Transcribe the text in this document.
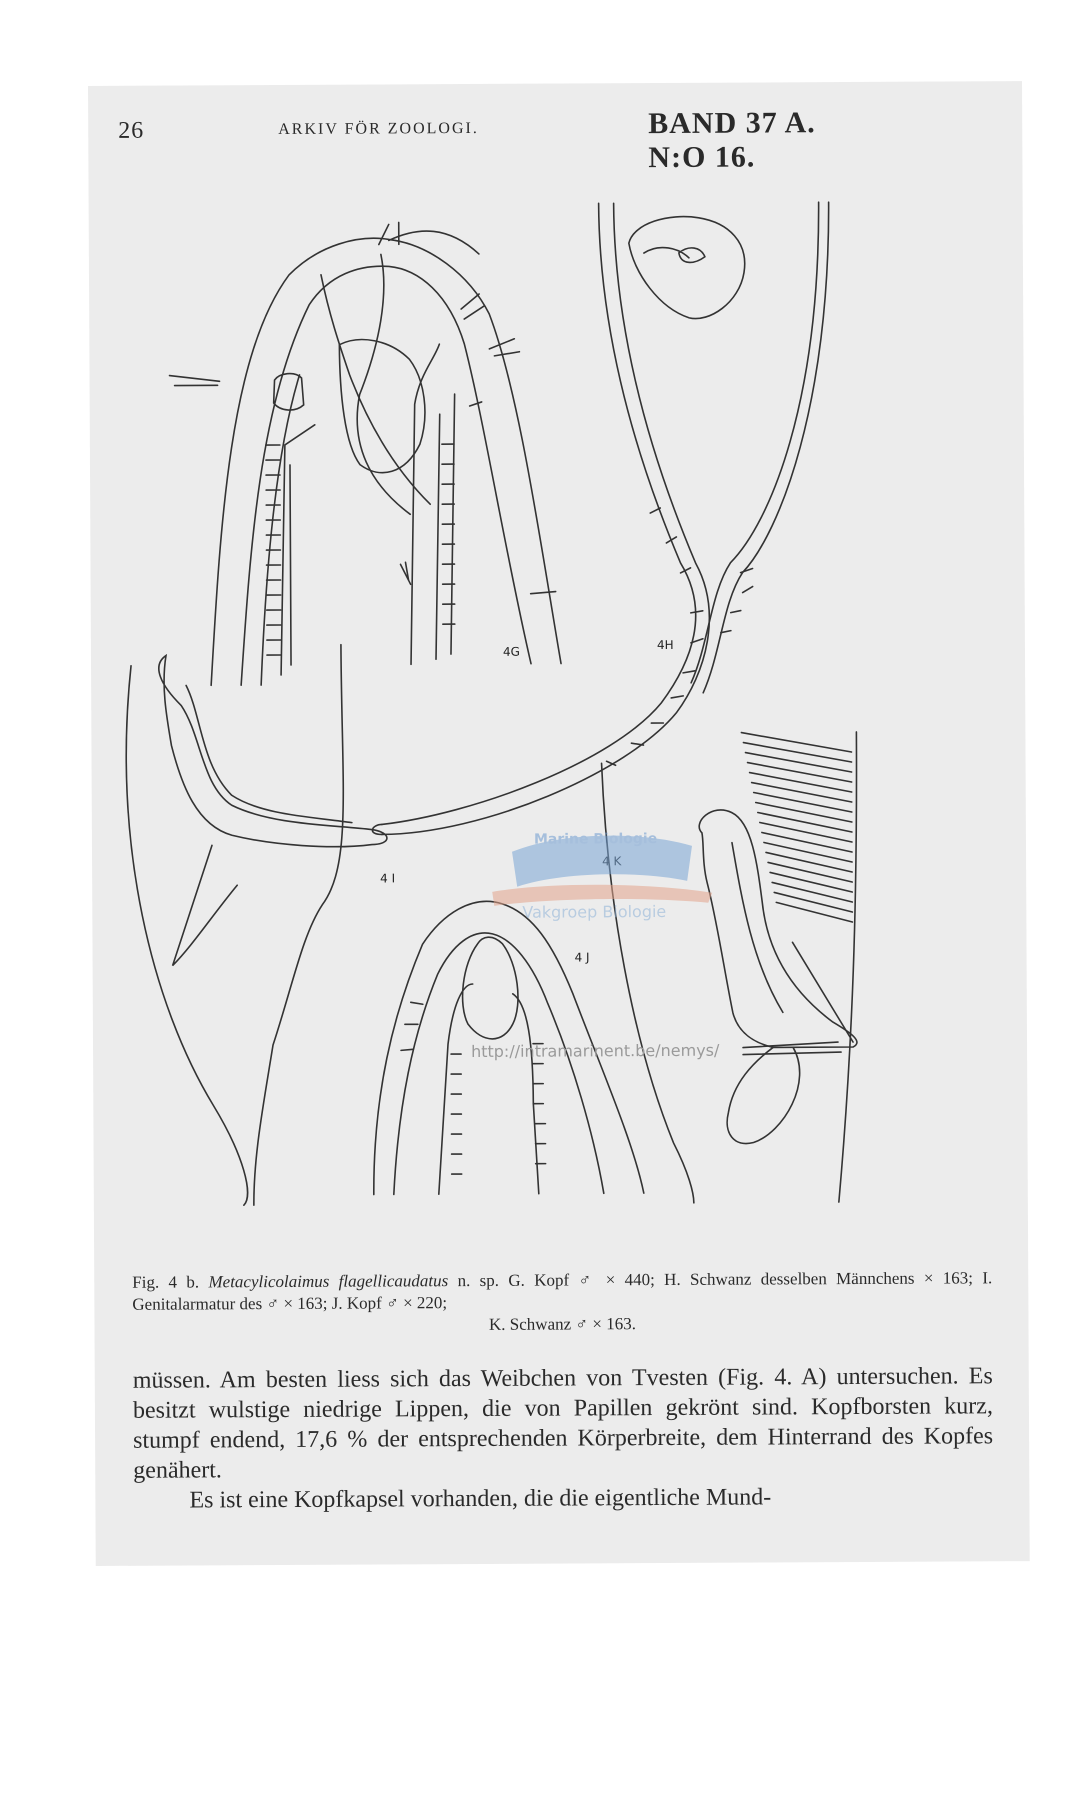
26	ARKIV FÖR ZOOLOGI.	BAND 37 A. N:O 16.
4G	4H
4 I
4 J
Marine Biologie
Vakgroep Biologie
http://intramarinent.be/nemys/
Fig. 4 b. Metacylicolaimus flagellicaudatus n. sp. G. Kopf ♂ × 440; H. Schwanz desselben Männchens × 163; I. Genitalarmatur des ♂ × 163; J. Kopf ♂ × 220;
K. Schwanz ♂ × 163.

müssen. Am besten liess sich das Weibchen von Tvesten (Fig. 4. A) untersuchen. Es besitzt wulstige niedrige Lippen, die von Papillen gekrönt sind. Kopfborsten kurz, stumpf endend, 17,6 % der entsprechenden Körperbreite, dem Hinterrand des Kopfes genähert.

Es ist eine Kopfkapsel vorhanden, die die eigentliche Mund-
